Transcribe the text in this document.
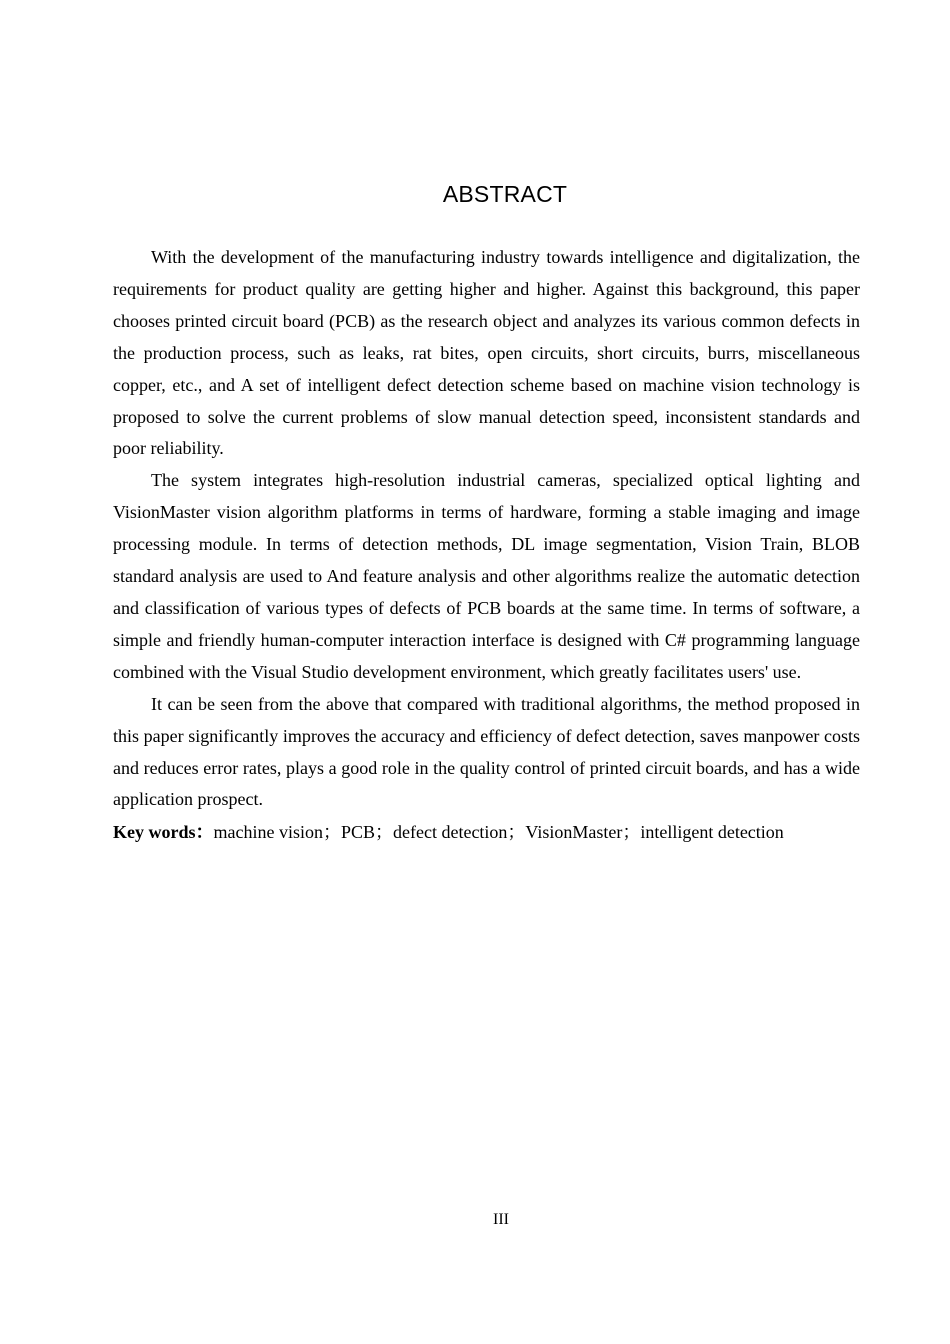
ABSTRACT

With the development of the manufacturing industry towards intelligence and digitalization, the requirements for product quality are getting higher and higher. Against this background, this paper chooses printed circuit board (PCB) as the research object and analyzes its various common defects in the production process, such as leaks, rat bites, open circuits, short circuits, burrs, miscellaneous copper, etc., and A set of intelligent defect detection scheme based on machine vision technology is proposed to solve the current problems of slow manual detection speed, inconsistent standards and poor reliability.

The system integrates high-resolution industrial cameras, specialized optical lighting and VisionMaster vision algorithm platforms in terms of hardware, forming a stable imaging and image processing module. In terms of detection methods, DL image segmentation, Vision Train, BLOB standard analysis are used to And feature analysis and other algorithms realize the automatic detection and classification of various types of defects of PCB boards at the same time. In terms of software, a simple and friendly human-computer interaction interface is designed with C# programming language combined with the Visual Studio development environment, which greatly facilitates users' use.

It can be seen from the above that compared with traditional algorithms, the method proposed in this paper significantly improves the accuracy and efficiency of defect detection, saves manpower costs and reduces error rates, plays a good role in the quality control of printed circuit boards, and has a wide application prospect.

Key words：machine vision；PCB；defect detection；VisionMaster；intelligent detection

III
